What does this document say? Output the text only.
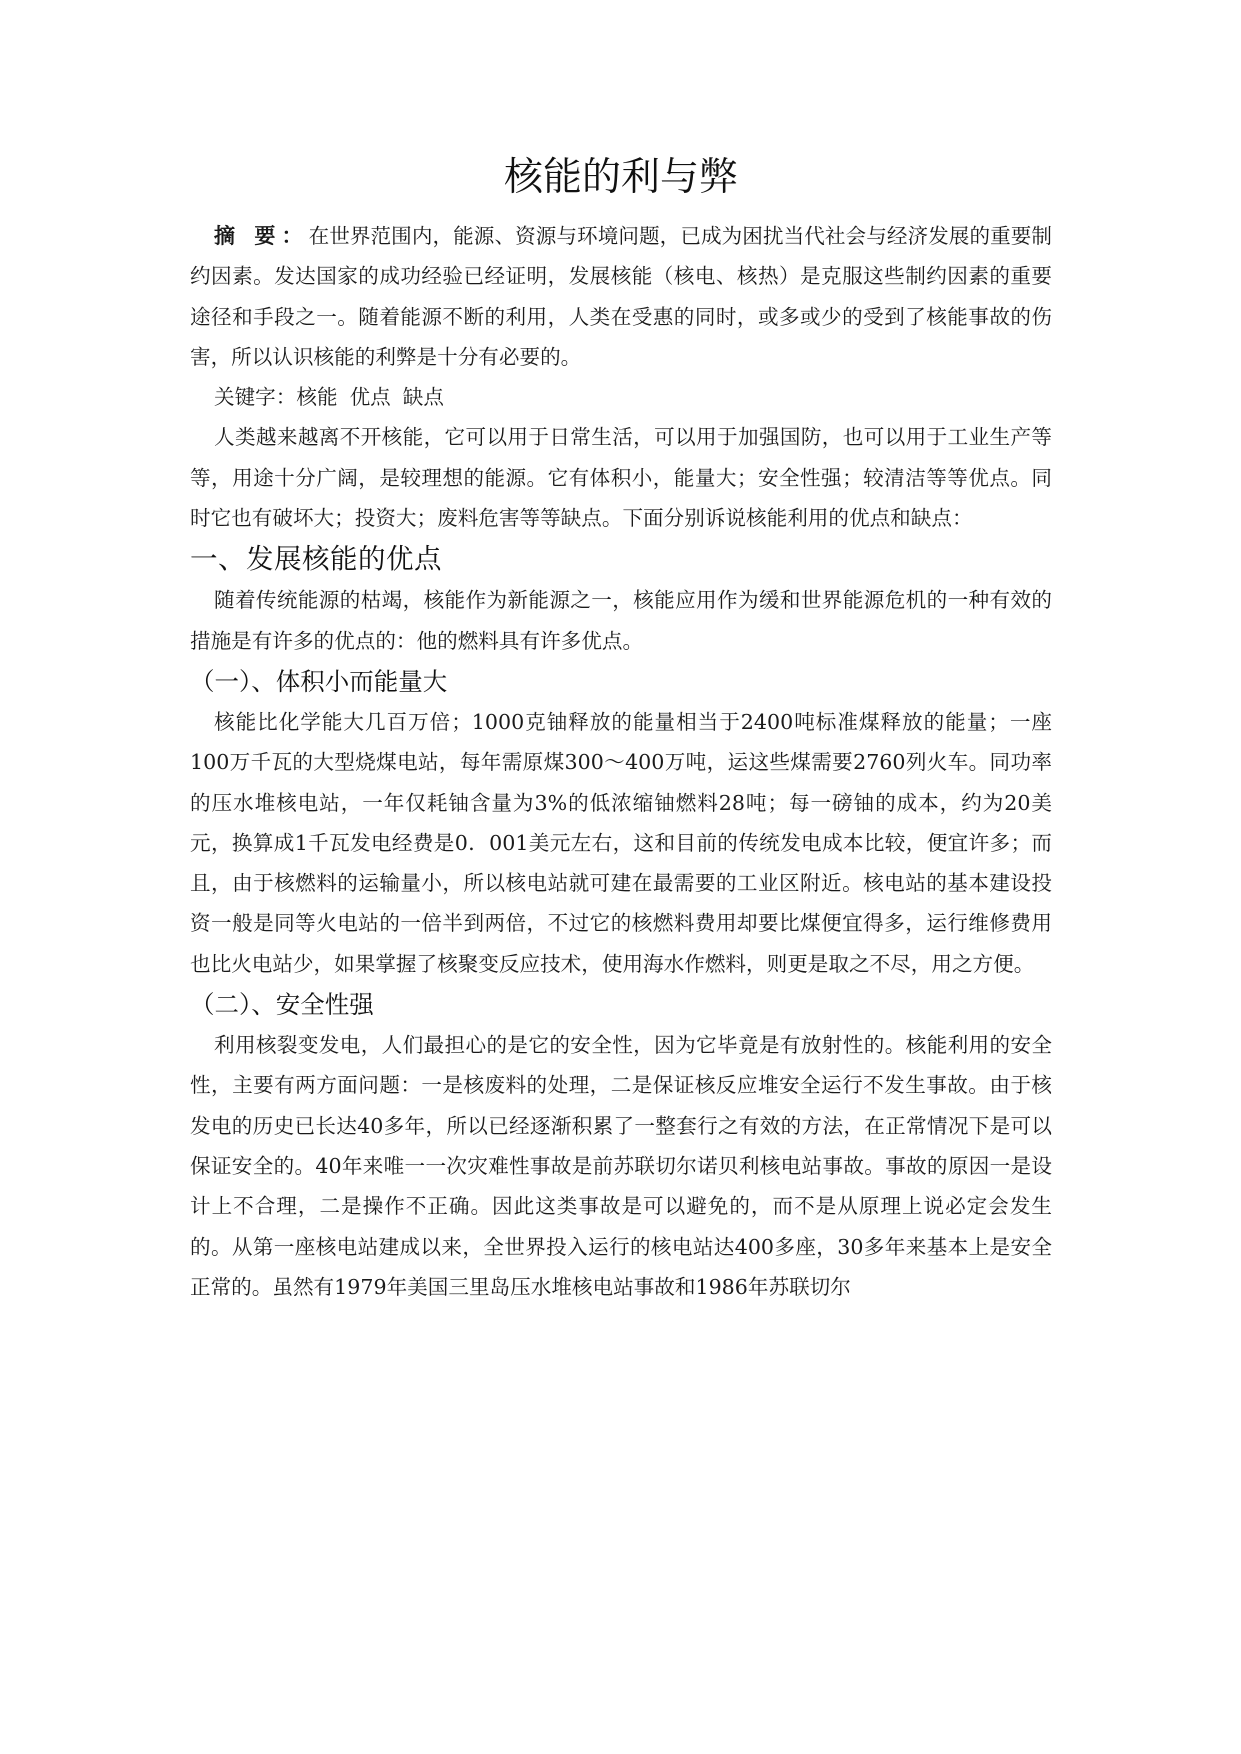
核能的利与弊

摘 要：在世界范围内，能源、资源与环境问题，已成为困扰当代社会与经济发展的重要制约因素。发达国家的成功经验已经证明，发展核能（核电、核热）是克服这些制约因素的重要途径和手段之一。随着能源不断的利用，人类在受惠的同时，或多或少的受到了核能事故的伤害，所以认识核能的利弊是十分有必要的。

关键字：核能 优点 缺点

人类越来越离不开核能，它可以用于日常生活，可以用于加强国防，也可以用于工业生产等等，用途十分广阔，是较理想的能源。它有体积小，能量大；安全性强；较清洁等等优点。同时它也有破坏大；投资大；废料危害等等缺点。下面分别诉说核能利用的优点和缺点：

一、发展核能的优点

随着传统能源的枯竭，核能作为新能源之一，核能应用作为缓和世界能源危机的一种有效的措施是有许多的优点的：他的燃料具有许多优点。

（一）、体积小而能量大

核能比化学能大几百万倍；1000克铀释放的能量相当于2400吨标准煤释放的能量；一座100万千瓦的大型烧煤电站，每年需原煤300～400万吨，运这些煤需要2760列火车。同功率的压水堆核电站，一年仅耗铀含量为3%的低浓缩铀燃料28吨；每一磅铀的成本，约为20美元，换算成1千瓦发电经费是0．001美元左右，这和目前的传统发电成本比较，便宜许多；而且，由于核燃料的运输量小，所以核电站就可建在最需要的工业区附近。核电站的基本建设投资一般是同等火电站的一倍半到两倍，不过它的核燃料费用却要比煤便宜得多，运行维修费用也比火电站少，如果掌握了核聚变反应技术，使用海水作燃料，则更是取之不尽，用之方便。

（二）、安全性强

利用核裂变发电，人们最担心的是它的安全性，因为它毕竟是有放射性的。核能利用的安全性，主要有两方面问题：一是核废料的处理，二是保证核反应堆安全运行不发生事故。由于核发电的历史已长达40多年，所以已经逐渐积累了一整套行之有效的方法，在正常情况下是可以保证安全的。40年来唯一一次灾难性事故是前苏联切尔诺贝利核电站事故。事故的原因一是设计上不合理，二是操作不正确。因此这类事故是可以避免的，而不是从原理上说必定会发生的。从第一座核电站建成以来，全世界投入运行的核电站达400多座，30多年来基本上是安全正常的。虽然有1979年美国三里岛压水堆核电站事故和1986年苏联切尔
